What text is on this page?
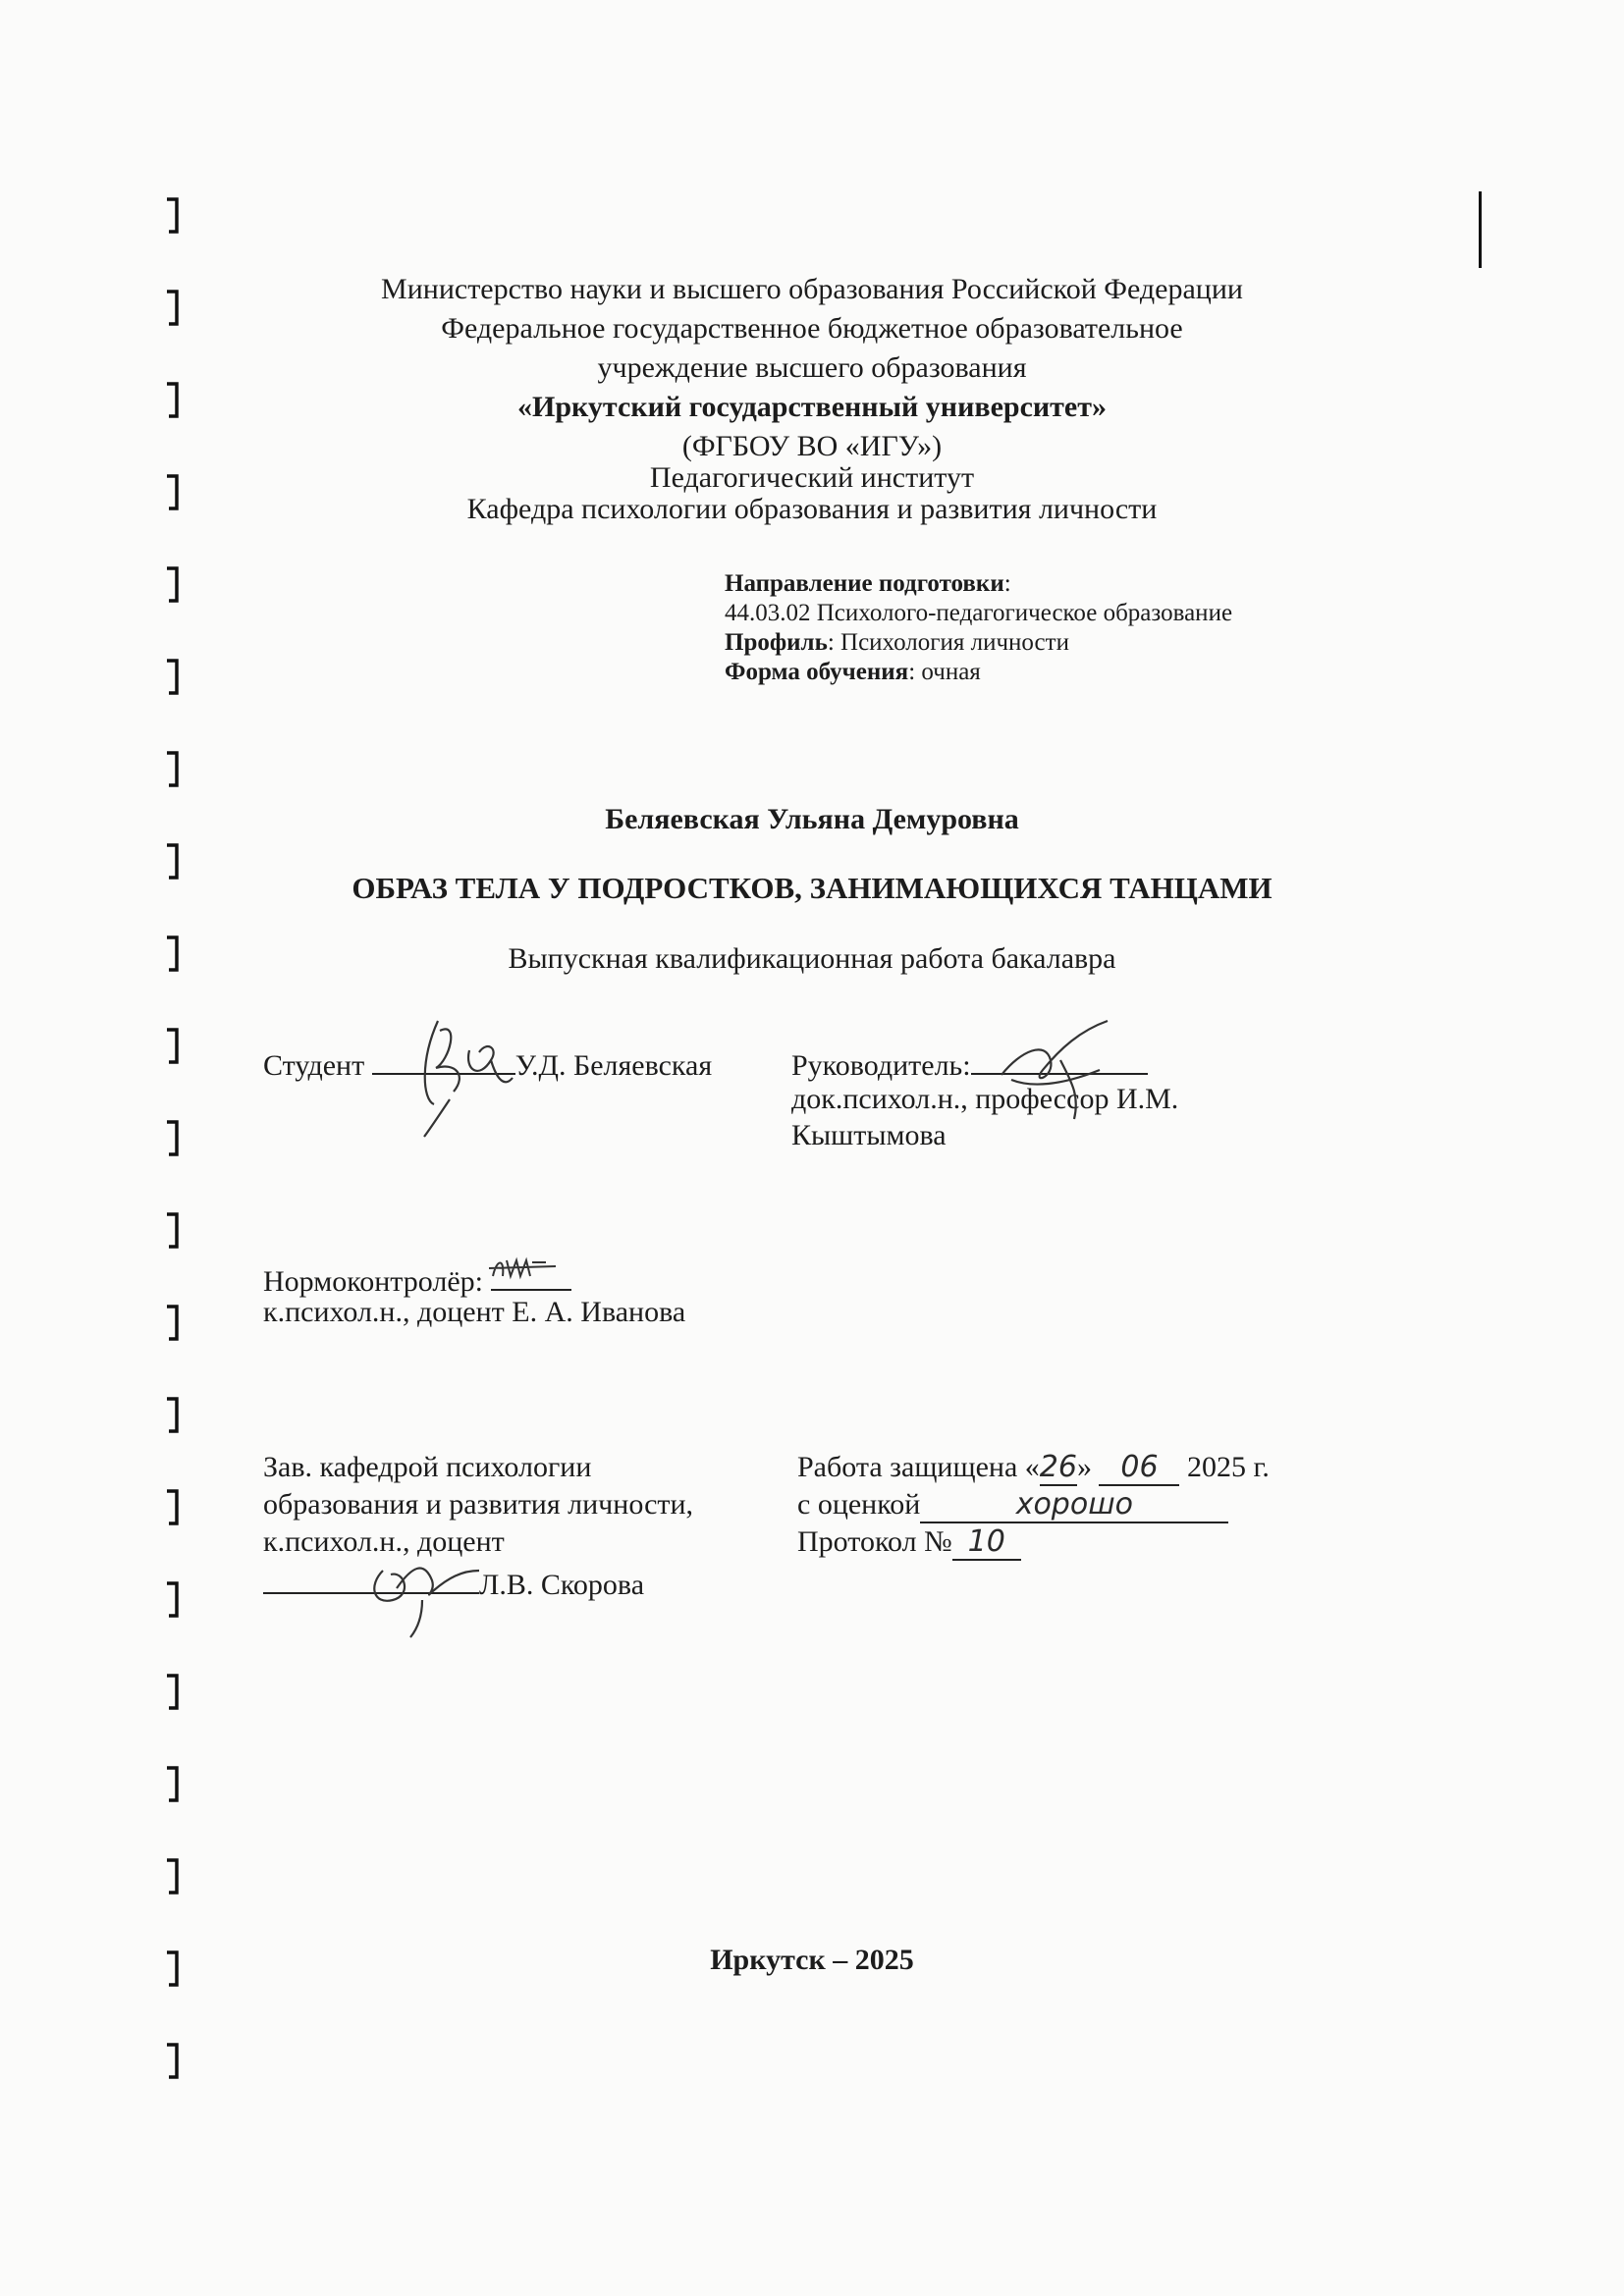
Министерство науки и высшего образования Российской Федерации
Федеральное государственное бюджетное образовательное
учреждение высшего образования
«Иркутский государственный университет»
(ФГБОУ ВО «ИГУ»)
Педагогический институт
Кафедра психологии образования и развития личности
Направление подготовки:
44.03.02 Психолого-педагогическое образование
Профиль: Психология личности
Форма обучения: очная
Беляевская Ульяна Демуровна
ОБРАЗ ТЕЛА У ПОДРОСТКОВ, ЗАНИМАЮЩИХСЯ ТАНЦАМИ
Выпускная квалификационная работа бакалавра
Студент	У.Д. Беляевская	Руководитель:
док.психол.н., профессор И.М.
Кыштымова
Нормоконтролёр:
к.психол.н., доцент Е. А. Иванова
Зав. кафедрой психологии
образования и развития личности,
к.психол.н., доцент
Л.В. Скорова
Работа защищена «26» 06 2025 г.
с оценкой	хорошо
Протокол № 10
Иркутск – 2025
